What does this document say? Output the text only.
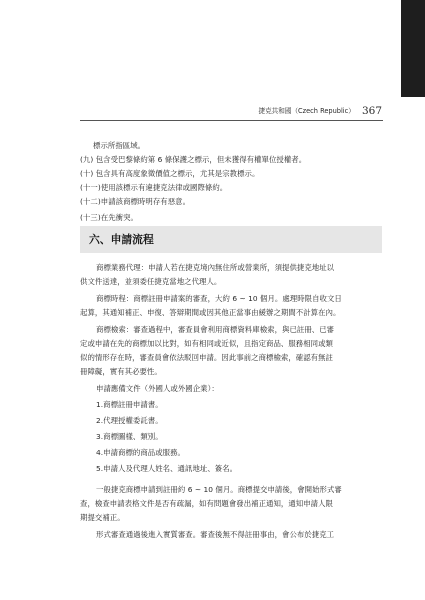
捷克共和國（Czech Republic） 367
標示所指區域。
(九) 包含受巴黎條約第 6 條保護之標示，但未獲得有權單位授權者。
(十) 包含具有高度象徵價值之標示，尤其是宗教標示。
(十一)使用該標示有違捷克法律或國際條約。
(十二)申請該商標時明存有惡意。
六、申請流程
商標業務代理：申請人若在捷克境內無住所或營業所，須提供捷克地址以
供文件送達，並須委任捷克當地之代理人。
商標時程：商標註冊申請案的審查，大約 6 ~ 10 個月。處理時限自收文日
起算，其通知補正、申復、答辯期間或因其他正當事由緩辦之期間不計算在內。
商標檢索：審查過程中，審查員會利用商標資料庫檢索，與已註冊、已審
定或申請在先的商標加以比對，如有相同或近似，且指定商品、服務相同或類
似的情形存在時，審查員會依法駁回申請。因此事前之商標檢索，確認有無註
冊障礙，實有其必要性。
申請應備文件（外國人或外國企業）：
1.商標註冊申請書。
2.代理授權委託書。
3.商標圖樣、類別。
4.申請商標的商品或服務。
5.申請人及代理人姓名、通訊地址、簽名。
一般捷克商標申請到註冊約 6 ~ 10 個月。商標提交申請後，會開始形式審
查，檢查申請表格文件是否有疏漏，如有問題會發出補正通知，通知申請人限
期提交補正。
形式審查通過後進入實質審查。審查後無不得註冊事由，會公布於捷克工
(十三)在先衝突。
